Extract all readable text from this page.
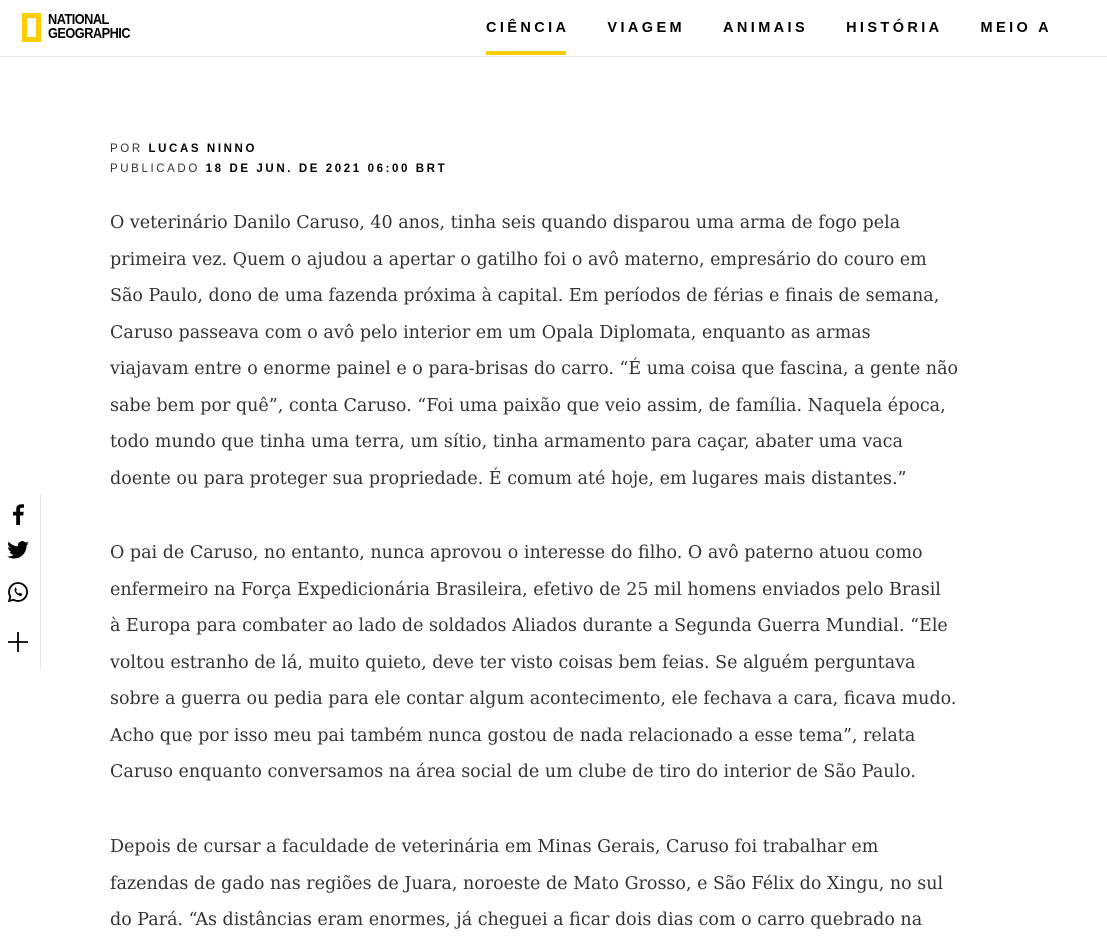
NATIONAL
GEOGRAPHIC	CIÊNCIA	VIAGEM	ANIMAIS	HISTÓRIA	MEIO A
POR LUCAS NINNO
PUBLICADO 18 DE JUN. DE 2021 06:00 BRT

O veterinário Danilo Caruso, 40 anos, tinha seis quando disparou uma arma de fogo pela
primeira vez. Quem o ajudou a apertar o gatilho foi o avô materno, empresário do couro em
São Paulo, dono de uma fazenda próxima à capital. Em períodos de férias e finais de semana,
Caruso passeava com o avô pelo interior em um Opala Diplomata, enquanto as armas
viajavam entre o enorme painel e o para-brisas do carro. “É uma coisa que fascina, a gente não
sabe bem por quê”, conta Caruso. “Foi uma paixão que veio assim, de família. Naquela época,
todo mundo que tinha uma terra, um sítio, tinha armamento para caçar, abater uma vaca
doente ou para proteger sua propriedade. É comum até hoje, em lugares mais distantes.”

O pai de Caruso, no entanto, nunca aprovou o interesse do filho. O avô paterno atuou como
enfermeiro na Força Expedicionária Brasileira, efetivo de 25 mil homens enviados pelo Brasil
à Europa para combater ao lado de soldados Aliados durante a Segunda Guerra Mundial. “Ele
voltou estranho de lá, muito quieto, deve ter visto coisas bem feias. Se alguém perguntava
sobre a guerra ou pedia para ele contar algum acontecimento, ele fechava a cara, ficava mudo.
Acho que por isso meu pai também nunca gostou de nada relacionado a esse tema”, relata
Caruso enquanto conversamos na área social de um clube de tiro do interior de São Paulo.

Depois de cursar a faculdade de veterinária em Minas Gerais, Caruso foi trabalhar em
fazendas de gado nas regiões de Juara, noroeste de Mato Grosso, e São Félix do Xingu, no sul
do Pará. “As distâncias eram enormes, já cheguei a ficar dois dias com o carro quebrado na
